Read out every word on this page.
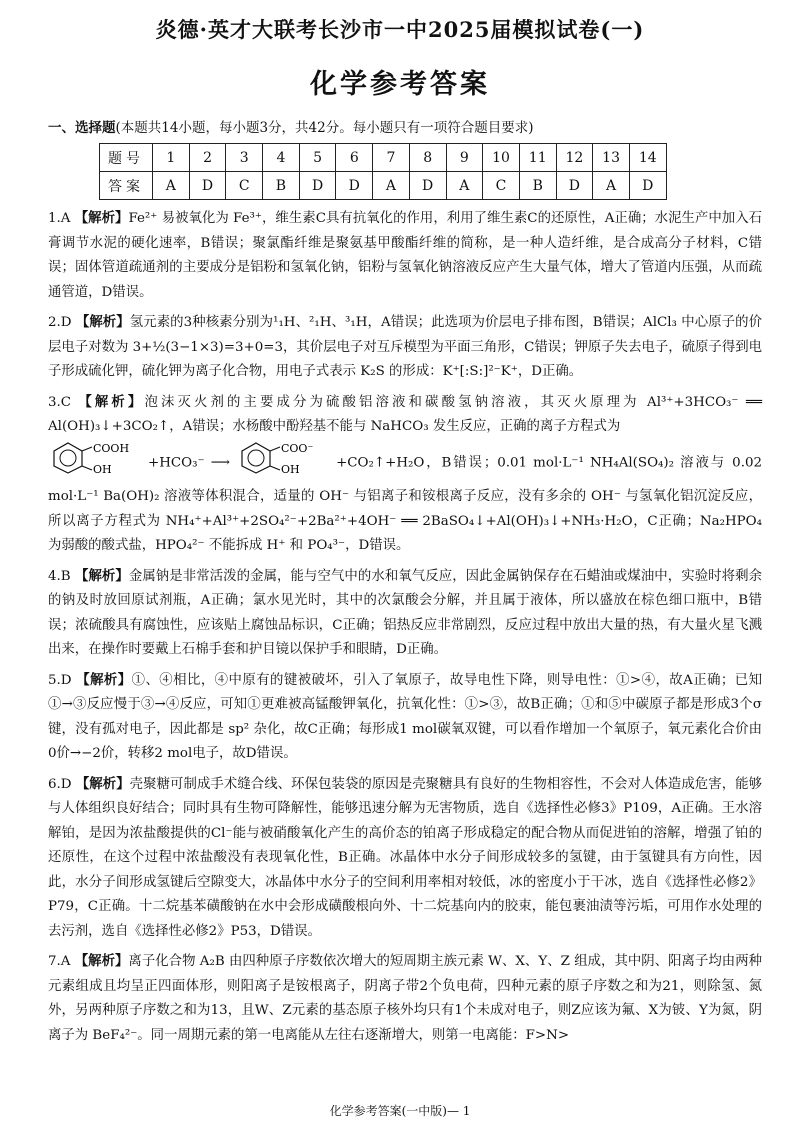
炎德·英才大联考长沙市一中2025届模拟试卷(一)
化学参考答案
一、选择题(本题共14小题，每小题3分，共42分。每小题只有一项符合题目要求)
题号	1	2	3	4	5	6	7	8	9	10	11	12	13	14
答案	A	D	C	B	D	D	A	D	A	C	B	D	A	D

1.A 【解析】Fe²⁺ 易被氧化为 Fe³⁺，维生素C具有抗氧化的作用，利用了维生素C的还原性，A正确；水泥生产中加入石膏调节水泥的硬化速率，B错误；聚氯酯纤维是聚氨基甲酸酯纤维的简称，是一种人造纤维，是合成高分子材料，C错误；固体管道疏通剂的主要成分是铝粉和氢氧化钠，铝粉与氢氧化钠溶液反应产生大量气体，增大了管道内压强，从而疏通管道，D错误。

2.D 【解析】氢元素的3种核素分别为¹₁H、²₁H、³₁H，A错误；此选项为价层电子排布图，B错误；AlCl₃ 中心原子的价层电子对数为 3+½(3−1×3)=3+0=3，其价层电子对互斥模型为平面三角形，C错误；钾原子失去电子，硫原子得到电子形成硫化钾，硫化钾为离子化合物，用电子式表示 K₂S 的形成：K⁺[:S:]²⁻K⁺，D正确。

3.C 【解析】泡沫灭火剂的主要成分为硫酸铝溶液和碳酸氢钠溶液，其灭火原理为 Al³⁺+3HCO₃⁻ ══ Al(OH)₃↓+3CO₂↑，A错误；水杨酸中酚羟基不能与 NaHCO₃ 发生反应，正确的离子方程式为

COOH
OH	+HCO₃⁻ ⟶
COO⁻
OH	+CO₂↑+H₂O，B错误；0.01 mol·L⁻¹ NH₄Al(SO₄)₂ 溶液与 0.02 mol·L⁻¹ Ba(OH)₂ 溶液等体积混合，适量的 OH⁻ 与铝离子和铵根离子反应，没有多余的 OH⁻ 与氢氧化铝沉淀反应，所以离子方程式为 NH₄⁺+Al³⁺+2SO₄²⁻+2Ba²⁺+4OH⁻ ══ 2BaSO₄↓+Al(OH)₃↓+NH₃·H₂O，C正确；Na₂HPO₄ 为弱酸的酸式盐，HPO₄²⁻ 不能拆成 H⁺ 和 PO₄³⁻，D错误。

4.B 【解析】金属钠是非常活泼的金属，能与空气中的水和氧气反应，因此金属钠保存在石蜡油或煤油中，实验时将剩余的钠及时放回原试剂瓶，A正确；氯水见光时，其中的次氯酸会分解，并且属于液体，所以盛放在棕色细口瓶中，B错误；浓硫酸具有腐蚀性，应该贴上腐蚀品标识，C正确；铝热反应非常剧烈，反应过程中放出大量的热，有大量火星飞溅出来，在操作时要戴上石棉手套和护目镜以保护手和眼睛，D正确。

5.D 【解析】①、④相比，④中原有的键被破坏，引入了氧原子，故导电性下降，则导电性：①>④，故A正确；已知①→③反应慢于③→④反应，可知①更难被高锰酸钾氧化，抗氧化性：①>③，故B正确；①和⑤中碳原子都是形成3个σ键，没有孤对电子，因此都是 sp² 杂化，故C正确；每形成1 mol碳氧双键，可以看作增加一个氧原子，氧元素化合价由0价→−2价，转移2 mol电子，故D错误。

6.D 【解析】壳聚糖可制成手术缝合线、环保包装袋的原因是壳聚糖具有良好的生物相容性，不会对人体造成危害，能够与人体组织良好结合；同时具有生物可降解性，能够迅速分解为无害物质，选自《选择性必修3》P109，A正确。王水溶解铂，是因为浓盐酸提供的Cl⁻能与被硝酸氧化产生的高价态的铂离子形成稳定的配合物从而促进铂的溶解，增强了铂的还原性，在这个过程中浓盐酸没有表现氧化性，B正确。冰晶体中水分子间形成较多的氢键，由于氢键具有方向性，因此，水分子间形成氢键后空隙变大，冰晶体中水分子的空间利用率相对较低，冰的密度小于干冰，选自《选择性必修2》P79，C正确。十二烷基苯磺酸钠在水中会形成磺酸根向外、十二烷基向内的胶束，能包裹油渍等污垢，可用作水处理的去污剂，选自《选择性必修2》P53，D错误。

7.A 【解析】离子化合物 A₂B 由四种原子序数依次增大的短周期主族元素 W、X、Y、Z 组成，其中阴、阳离子均由两种元素组成且均呈正四面体形，则阳离子是铵根离子，阴离子带2个负电荷，四种元素的原子序数之和为21，则除氢、氮外，另两种原子序数之和为13，且W、Z元素的基态原子核外均只有1个未成对电子，则Z应该为氟、X为铍、Y为氮，阴离子为 BeF₄²⁻。同一周期元素的第一电离能从左往右逐渐增大，则第一电离能：F>N>

化学参考答案(一中版)— 1
